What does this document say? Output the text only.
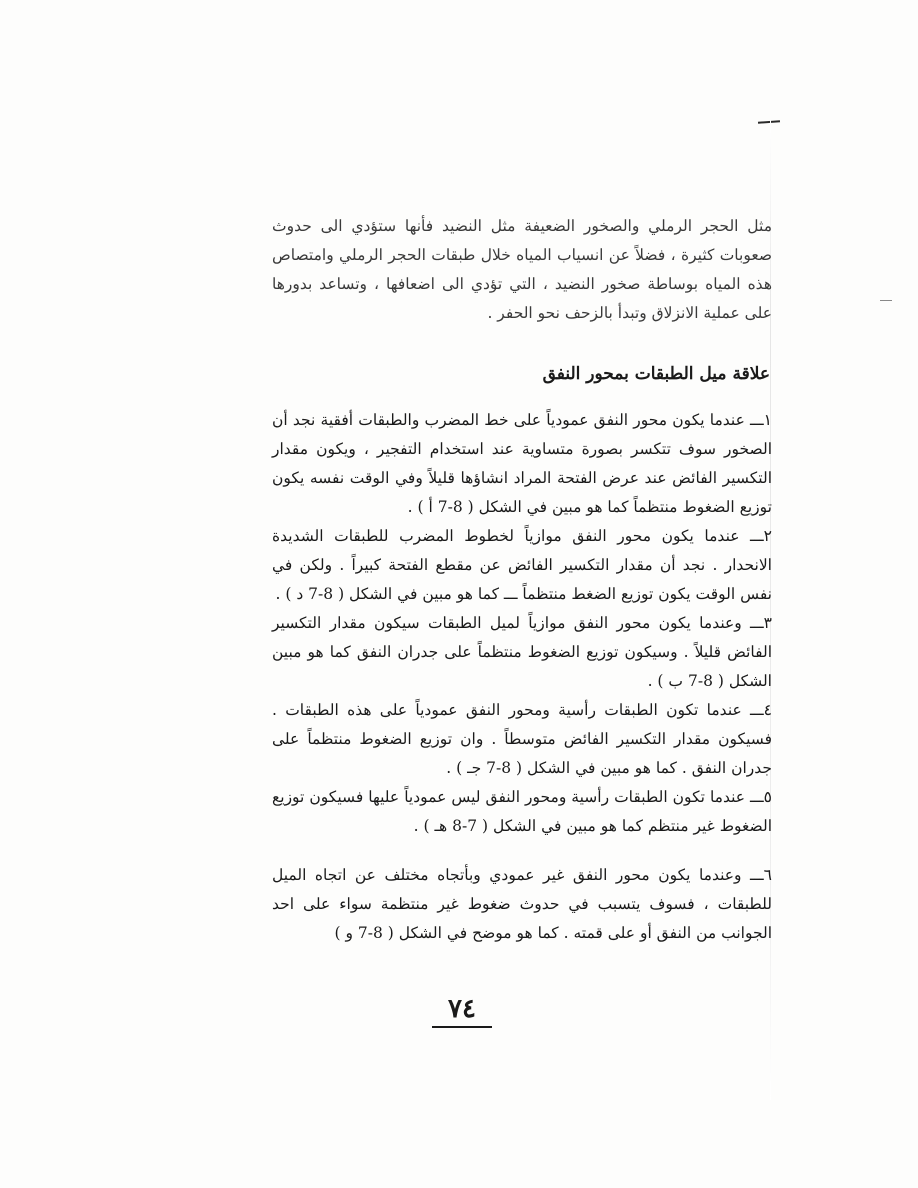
مثل الحجر الرملي والصخور الضعيفة مثل النضيد فأنها ستؤدي الى حدوث صعوبات كثيرة ، فضلاً عن انسياب المياه خلال طبقات الحجر الرملي وامتصاص هذه المياه بوساطة صخور النضيد ، التي تؤدي الى اضعافها ، وتساعد بدورها على عملية الانزلاق وتبدأ بالزحف نحو الحفر .

علاقة ميل الطبقات بمحور النفق

١ـــ عندما يكون محور النفق عمودياً على خط المضرب والطبقات أفقية نجد أن الصخور سوف تتكسر بصورة متساوية عند استخدام التفجير ، ويكون مقدار التكسير الفائض عند عرض الفتحة المراد انشاؤها قليلاً وفي الوقت نفسه يكون توزيع الضغوط منتظماً كما هو مبين في الشكل ( 8-7 أ ) .

٢ـــ عندما يكون محور النفق موازياً لخطوط المضرب للطبقات الشديدة الانحدار . نجد أن مقدار التكسير الفائض عن مقطع الفتحة كبيراً . ولكن في نفس الوقت يكون توزيع الضغط منتظماً ـــ كما هو مبين في الشكل ( 8-7 د ) .

٣ـــ وعندما يكون محور النفق موازياً لميل الطبقات سيكون مقدار التكسير الفائض قليلاً . وسيكون توزيع الضغوط منتظماً على جدران النفق كما هو مبين الشكل ( 8-7 ب ) .

٤ـــ عندما تكون الطبقات رأسية ومحور النفق عمودياً على هذه الطبقات . فسيكون مقدار التكسير الفائض متوسطاً . وان توزيع الضغوط منتظماً على جدران النفق . كما هو مبين في الشكل ( 8-7 جـ ) .

٥ـــ عندما تكون الطبقات رأسية ومحور النفق ليس عمودياً عليها فسيكون توزيع الضغوط غير منتظم كما هو مبين في الشكل ( 7-8 هـ ) .

٦ـــ وعندما يكون محور النفق غير عمودي وبأتجاه مختلف عن اتجاه الميل للطبقات ، فسوف يتسبب في حدوث ضغوط غير منتظمة سواء على احد الجوانب من النفق أو على قمته . كما هو موضح في الشكل ( 8-7 و )

٧٤
